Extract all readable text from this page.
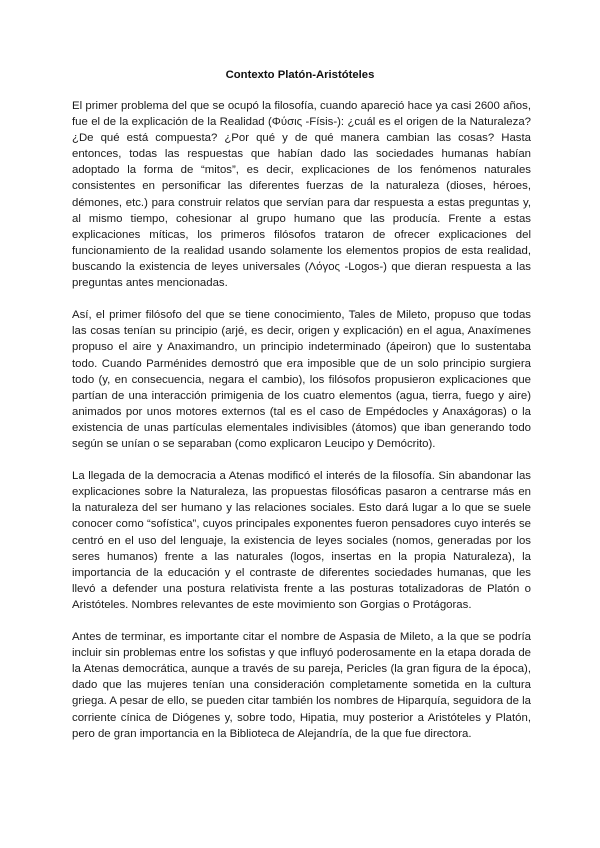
Contexto Platón-Aristóteles

El primer problema del que se ocupó la filosofía, cuando apareció hace ya casi 2600 años, fue el de la explicación de la Realidad (Φύσις -Físis-): ¿cuál es el origen de la Naturaleza? ¿De qué está compuesta? ¿Por qué y de qué manera cambian las cosas? Hasta entonces, todas las respuestas que habían dado las sociedades humanas habían adoptado la forma de “mitos”, es decir, explicaciones de los fenómenos naturales consistentes en personificar las diferentes fuerzas de la naturaleza (dioses, héroes, démones, etc.) para construir relatos que servían para dar respuesta a estas preguntas y, al mismo tiempo, cohesionar al grupo humano que las producía. Frente a estas explicaciones míticas, los primeros filósofos trataron de ofrecer explicaciones del funcionamiento de la realidad usando solamente los elementos propios de esta realidad, buscando la existencia de leyes universales (Λόγος -Logos-) que dieran respuesta a las preguntas antes mencionadas.

Así, el primer filósofo del que se tiene conocimiento, Tales de Mileto, propuso que todas las cosas tenían su principio (arjé, es decir, origen y explicación) en el agua, Anaxímenes propuso el aire y Anaximandro, un principio indeterminado (ápeiron) que lo sustentaba todo. Cuando Parménides demostró que era imposible que de un solo principio surgiera todo (y, en consecuencia, negara el cambio), los filósofos propusieron explicaciones que partían de una interacción primigenia de los cuatro elementos (agua, tierra, fuego y aire) animados por unos motores externos (tal es el caso de Empédocles y Anaxágoras) o la existencia de unas partículas elementales indivisibles (átomos) que iban generando todo según se unían o se separaban (como explicaron Leucipo y Demócrito).

La llegada de la democracia a Atenas modificó el interés de la filosofía. Sin abandonar las explicaciones sobre la Naturaleza, las propuestas filosóficas pasaron a centrarse más en la naturaleza del ser humano y las relaciones sociales. Esto dará lugar a lo que se suele conocer como “sofística”, cuyos principales exponentes fueron pensadores cuyo interés se centró en el uso del lenguaje, la existencia de leyes sociales (nomos, generadas por los seres humanos) frente a las naturales (logos, insertas en la propia Naturaleza), la importancia de la educación y el contraste de diferentes sociedades humanas, que les llevó a defender una postura relativista frente a las posturas totalizadoras de Platón o Aristóteles. Nombres relevantes de este movimiento son Gorgias o Protágoras.

Antes de terminar, es importante citar el nombre de Aspasia de Mileto, a la que se podría incluir sin problemas entre los sofistas y que influyó poderosamente en la etapa dorada de la Atenas democrática, aunque a través de su pareja, Pericles (la gran figura de la época), dado que las mujeres tenían una consideración completamente sometida en la cultura griega. A pesar de ello, se pueden citar también los nombres de Hiparquía, seguidora de la corriente cínica de Diógenes y, sobre todo, Hipatia, muy posterior a Aristóteles y Platón, pero de gran importancia en la Biblioteca de Alejandría, de la que fue directora.
